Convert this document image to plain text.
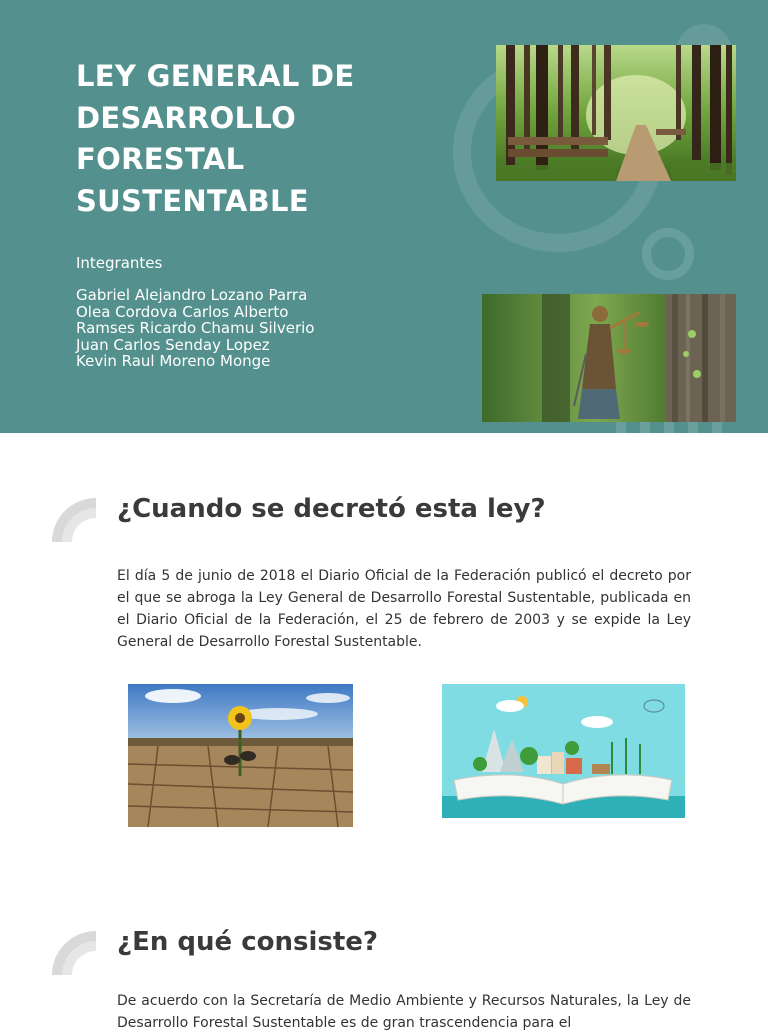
LEY GENERAL DE
DESARROLLO
FORESTAL
SUSTENTABLE

Integrantes

Gabriel Alejandro Lozano Parra
Olea Cordova Carlos Alberto
Ramses Ricardo Chamu Silverio
Juan Carlos Senday Lopez
Kevin Raul Moreno Monge
¿Cuando se decretó esta ley?

El día 5 de junio de 2018 el Diario Oficial de la Federación publicó el decreto por el que se abroga la Ley General de Desarrollo Forestal Sustentable, publicada en el Diario Oficial de la Federación, el 25 de febrero de 2003 y se expide la Ley General de Desarrollo Forestal Sustentable.

¿En qué consiste?

De acuerdo con la Secretaría de Medio Ambiente y Recursos Naturales, la Ley de Desarrollo Forestal Sustentable es de gran trascendencia para el
